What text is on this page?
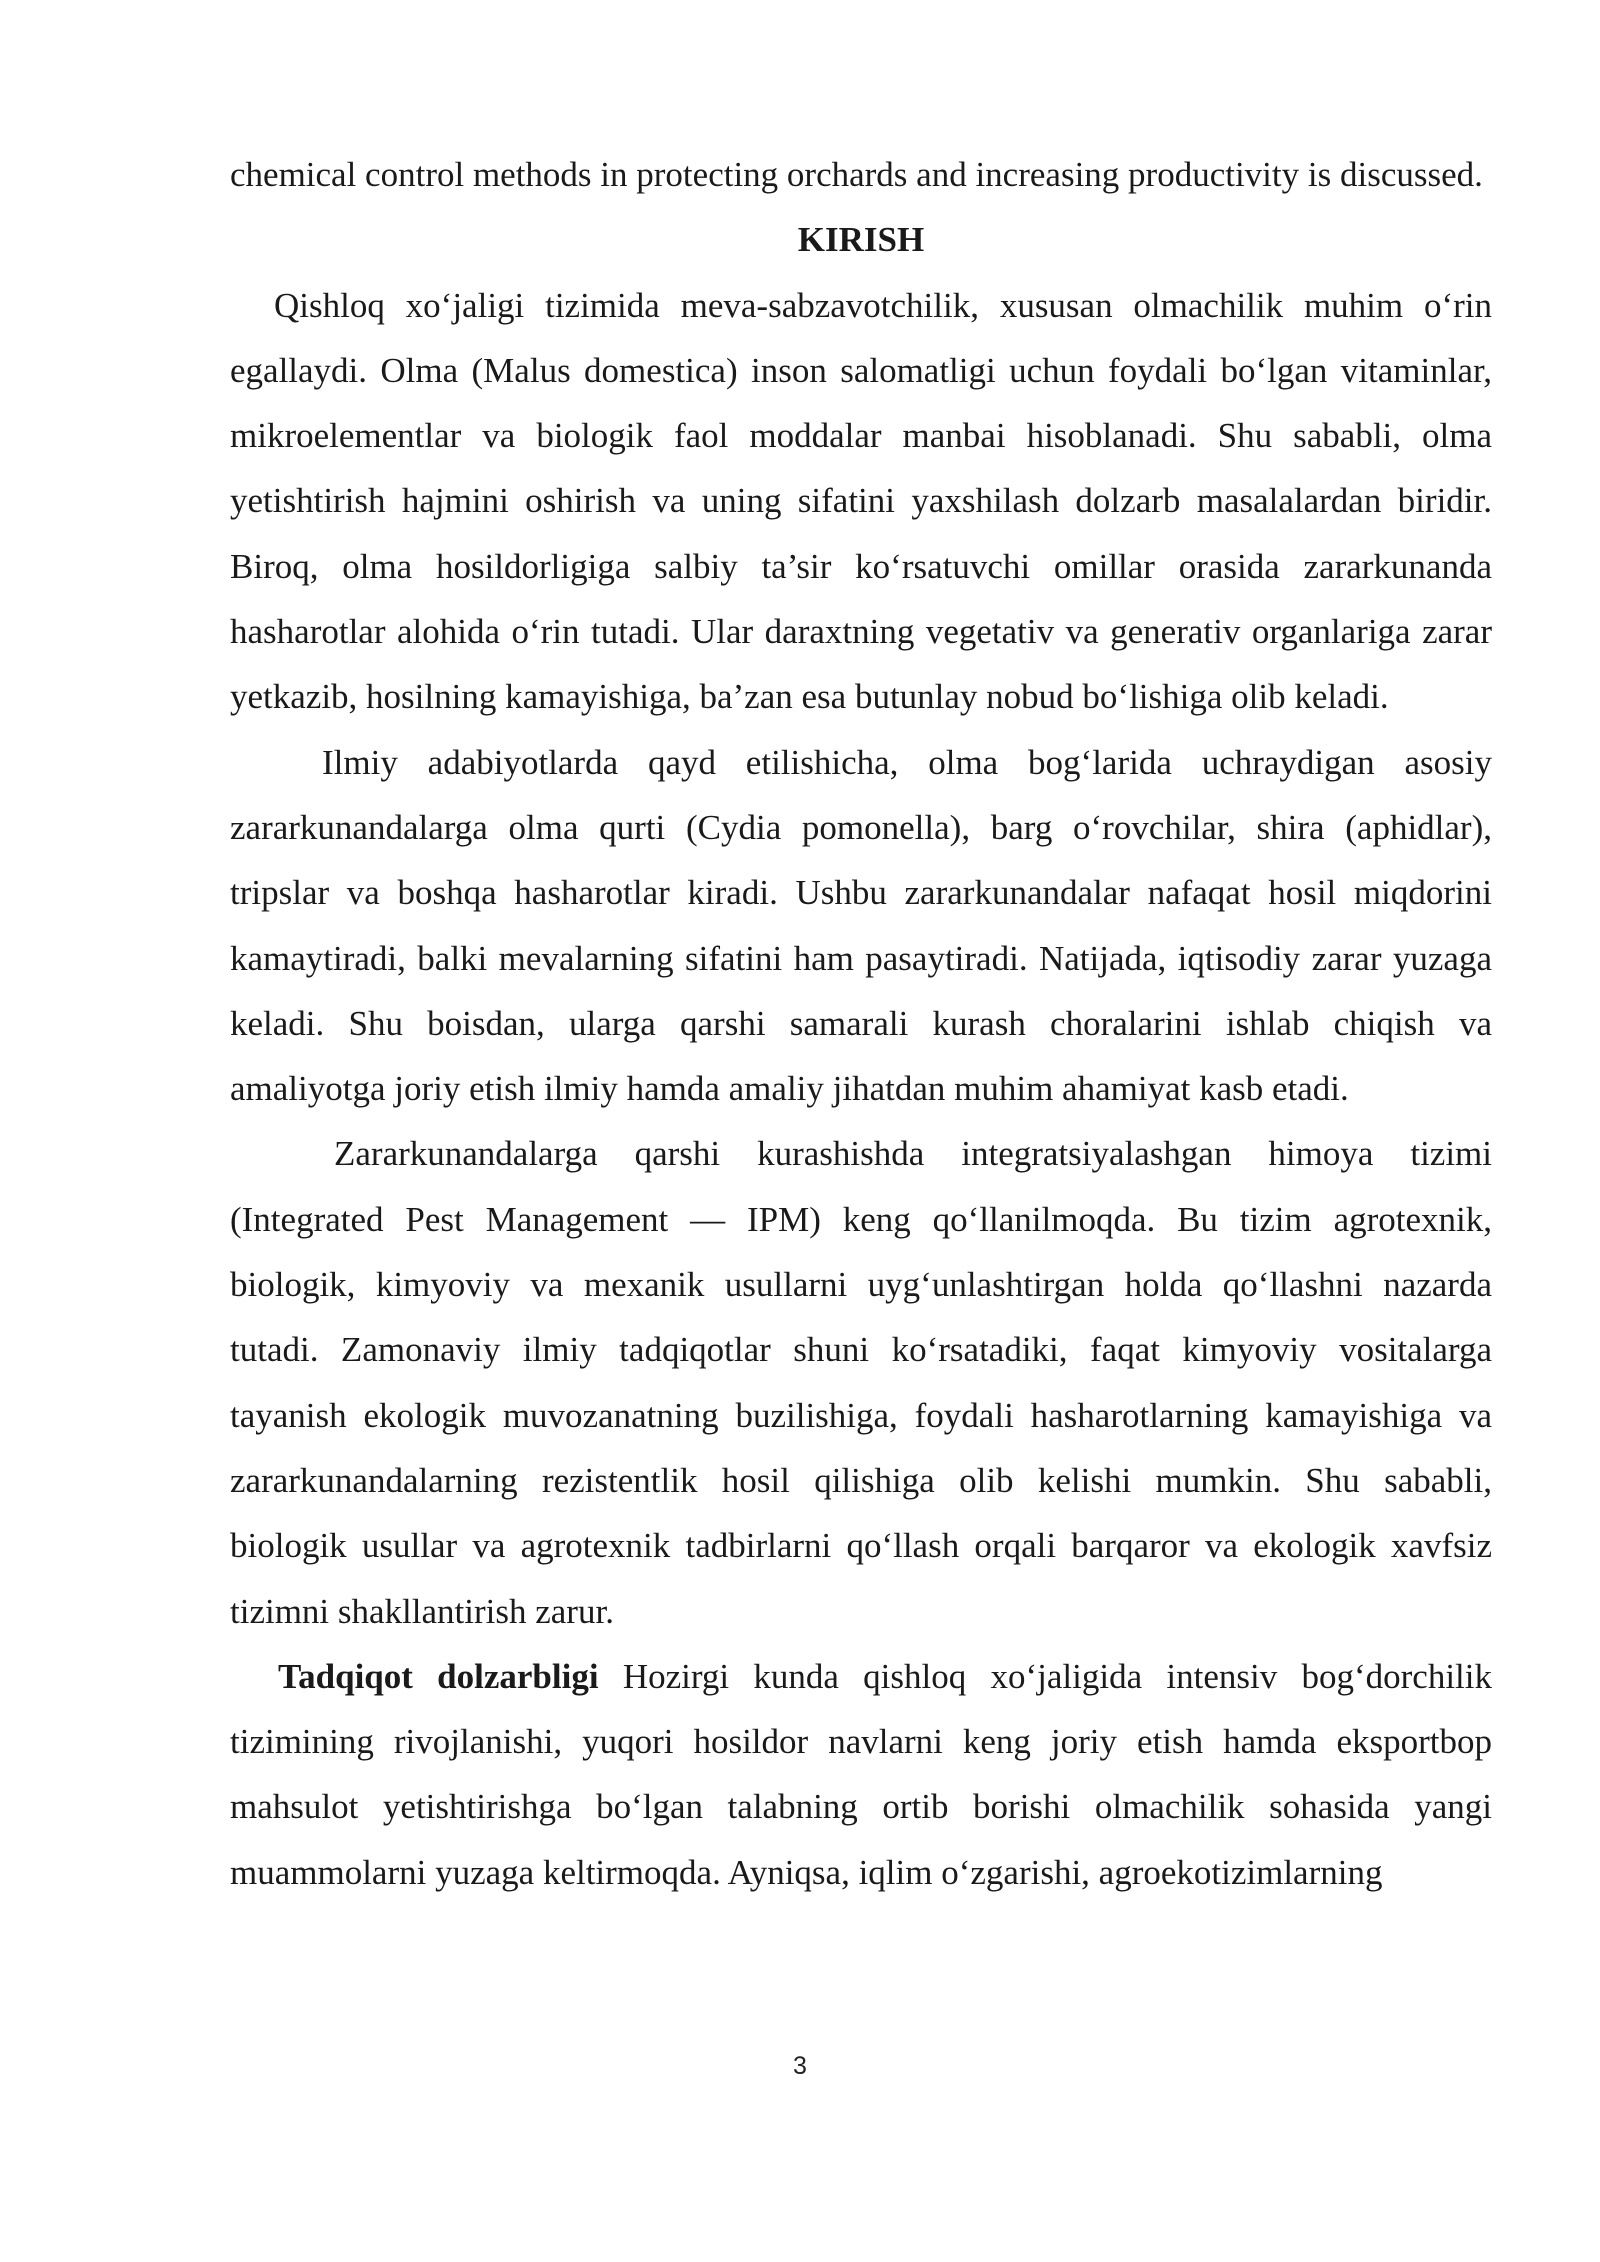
chemical control methods in protecting orchards and increasing productivity is discussed.

KIRISH

Qishloq xo‘jaligi tizimida meva-sabzavotchilik, xususan olmachilik muhim o‘rin egallaydi. Olma (Malus domestica) inson salomatligi uchun foydali bo‘lgan vitaminlar, mikroelementlar va biologik faol moddalar manbai hisoblanadi. Shu sababli, olma yetishtirish hajmini oshirish va uning sifatini yaxshilash dolzarb masalalardan biridir. Biroq, olma hosildorligiga salbiy ta’sir ko‘rsatuvchi omillar orasida zararkunanda hasharotlar alohida o‘rin tutadi. Ular daraxtning vegetativ va generativ organlariga zarar yetkazib, hosilning kamayishiga, ba’zan esa butunlay nobud bo‘lishiga olib keladi.

Ilmiy adabiyotlarda qayd etilishicha, olma bog‘larida uchraydigan asosiy zararkunandalarga olma qurti (Cydia pomonella), barg o‘rovchilar, shira (aphidlar), tripslar va boshqa hasharotlar kiradi. Ushbu zararkunandalar nafaqat hosil miqdorini kamaytiradi, balki mevalarning sifatini ham pasaytiradi. Natijada, iqtisodiy zarar yuzaga keladi. Shu boisdan, ularga qarshi samarali kurash choralarini ishlab chiqish va amaliyotga joriy etish ilmiy hamda amaliy jihatdan muhim ahamiyat kasb etadi.

Zararkunandalarga qarshi kurashishda integratsiyalashgan himoya tizimi (Integrated Pest Management — IPM) keng qo‘llanilmoqda. Bu tizim agrotexnik, biologik, kimyoviy va mexanik usullarni uyg‘unlashtirgan holda qo‘llashni nazarda tutadi. Zamonaviy ilmiy tadqiqotlar shuni ko‘rsatadiki, faqat kimyoviy vositalarga tayanish ekologik muvozanatning buzilishiga, foydali hasharotlarning kamayishiga va zararkunandalarning rezistentlik hosil qilishiga olib kelishi mumkin. Shu sababli, biologik usullar va agrotexnik tadbirlarni qo‘llash orqali barqaror va ekologik xavfsiz tizimni shakllantirish zarur.

Tadqiqot dolzarbligi Hozirgi kunda qishloq xo‘jaligida intensiv bog‘dorchilik tizimining rivojlanishi, yuqori hosildor navlarni keng joriy etish hamda eksportbop mahsulot yetishtirishga bo‘lgan talabning ortib borishi olmachilik sohasida yangi muammolarni yuzaga keltirmoqda. Ayniqsa, iqlim o‘zgarishi, agroekotizimlarning

3
